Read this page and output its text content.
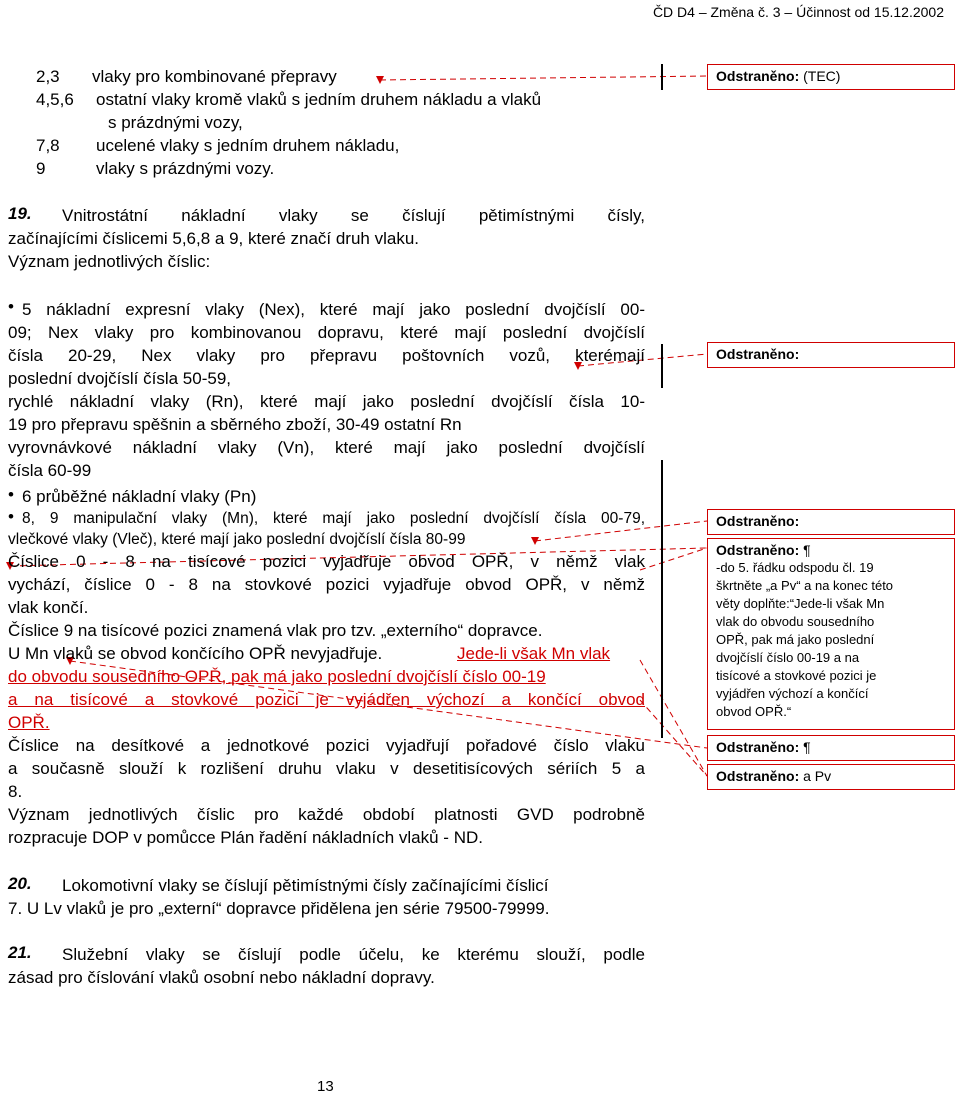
ČD D4 – Změna č. 3 – Účinnost od 15.12.2002
2,3 vlaky pro kombinované přepravy
4,5,6 ostatní vlaky kromě vlaků s jedním druhem nákladu a vlaků
s prázdnými vozy,
7,8 ucelené vlaky s jedním druhem nákladu,
9	vlaky s prázdnými vozy.
19. Vnitrostátní nákladní vlaky se číslují pětimístnými čísly,
začínajícími číslicemi 5,6,8 a 9, které značí druh vlaku.
Význam jednotlivých číslic:
•
•
•
5 nákladní expresní vlaky (Nex), které mají jako poslední dvojčíslí 00-
09; Nex vlaky pro kombinovanou dopravu, které mají poslední dvojčíslí
čísla 20-29, Nex vlaky pro přepravu poštovních vozů, kterémají
poslední dvojčíslí čísla 50-59,
rychlé nákladní vlaky (Rn), které mají jako poslední dvojčíslí čísla 10-
19 pro přepravu spěšnin a sběrného zboží, 30-49 ostatní Rn
vyrovnávkové nákladní vlaky (Vn), které mají jako poslední dvojčíslí
čísla 60-99
6 průběžné nákladní vlaky (Pn)
8, 9 manipulační vlaky (Mn), které mají jako poslední dvojčíslí čísla 00-79,
vlečkové vlaky (Vleč), které mají jako poslední dvojčíslí čísla 80-99
Číslice 0 - 8 na tisícové pozici vyjadřuje obvod OPŘ, v němž vlak
vychází, číslice 0 - 8 na stovkové pozici vyjadřuje obvod OPŘ, v němž
vlak končí.
Číslice 9 na tisícové pozici znamená vlak pro tzv. „externího“ dopravce.
U Mn vlaků se obvod končícího OPŘ nevyjadřuje.	Jede-li však Mn vlak
do obvodu sousedního OPŘ, pak má jako poslední dvojčíslí číslo 00-19
a na tisícové a stovkové pozici je vyjádřen výchozí a končící obvod
OPŘ.
Číslice na desítkové a jednotkové pozici vyjadřují pořadové číslo vlaku
a současně slouží k rozlišení druhu vlaku v desetitisícových sériích 5 a
8.
Význam jednotlivých číslic pro každé období platnosti GVD podrobně
rozpracuje DOP v pomůcce Plán řadění nákladních vlaků - ND.
20. Lokomotivní vlaky se číslují pětimístnými čísly začínajícími číslicí
7. U Lv vlaků je pro „externí“ dopravce přidělena jen série 79500-79999.
21. Služební vlaky se číslují podle účelu, ke kterému slouží, podle
zásad pro číslování vlaků osobní nebo nákladní dopravy.
Odstraněno: (TEC)
Odstraněno:
Odstraněno:
Odstraněno: ¶
-do 5. řádku odspodu čl. 19
škrtněte „a Pv“ a na konec této
věty doplňte:“Jede-li však Mn
vlak do obvodu sousedního
OPŘ, pak má jako poslední
dvojčíslí číslo 00-19 a na
tisícové a stovkové pozici je
vyjádřen výchozí a končící
obvod OPŘ.“
Odstraněno: ¶
Odstraněno: a Pv
13
